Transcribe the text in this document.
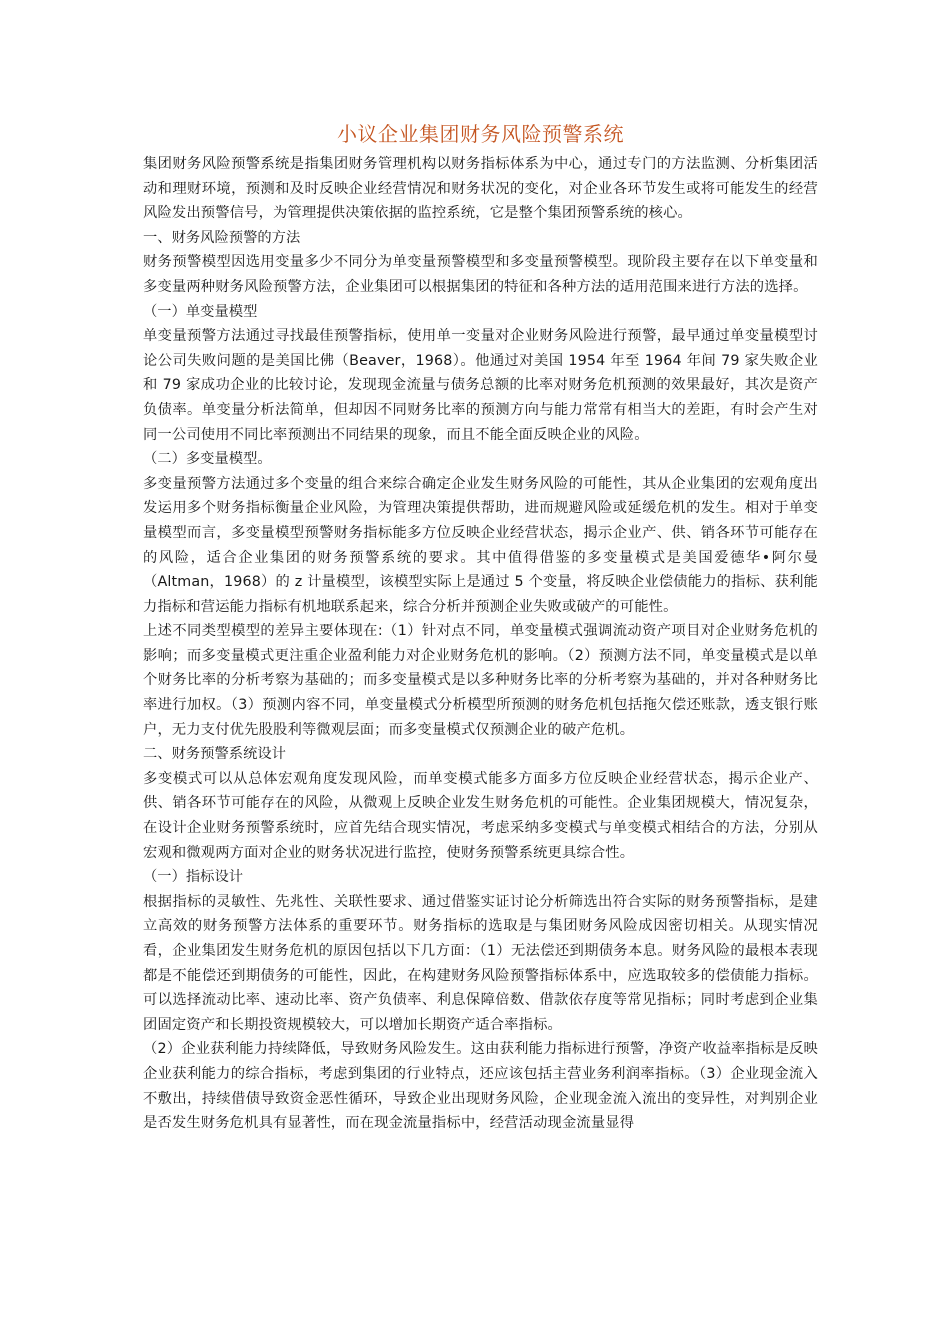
小议企业集团财务风险预警系统

集团财务风险预警系统是指集团财务管理机构以财务指标体系为中心，通过专门的方法监测、分析集团活动和理财环境，预测和及时反映企业经营情况和财务状况的变化，对企业各环节发生或将可能发生的经营风险发出预警信号，为管理提供决策依据的监控系统，它是整个集团预警系统的核心。

一、财务风险预警的方法

财务预警模型因选用变量多少不同分为单变量预警模型和多变量预警模型。现阶段主要存在以下单变量和多变量两种财务风险预警方法，企业集团可以根据集团的特征和各种方法的适用范围来进行方法的选择。

（一）单变量模型

单变量预警方法通过寻找最佳预警指标，使用单一变量对企业财务风险进行预警，最早通过单变量模型讨论公司失败问题的是美国比佛（Beaver，1968）。他通过对美国 1954 年至 1964 年间 79 家失败企业和 79 家成功企业的比较讨论，发现现金流量与债务总额的比率对财务危机预测的效果最好，其次是资产负债率。单变量分析法简单，但却因不同财务比率的预测方向与能力常常有相当大的差距，有时会产生对同一公司使用不同比率预测出不同结果的现象，而且不能全面反映企业的风险。

（二）多变量模型。

多变量预警方法通过多个变量的组合来综合确定企业发生财务风险的可能性，其从企业集团的宏观角度出发运用多个财务指标衡量企业风险，为管理决策提供帮助，进而规避风险或延缓危机的发生。相对于单变量模型而言，多变量模型预警财务指标能多方位反映企业经营状态，揭示企业产、供、销各环节可能存在的风险，适合企业集团的财务预警系统的要求。其中值得借鉴的多变量模式是美国爱德华•阿尔曼（Altman，1968）的 z 计量模型，该模型实际上是通过 5 个变量，将反映企业偿债能力的指标、获利能力指标和营运能力指标有机地联系起来，综合分析并预测企业失败或破产的可能性。

上述不同类型模型的差异主要体现在:（1）针对点不同，单变量模式强调流动资产项目对企业财务危机的影响；而多变量模式更注重企业盈利能力对企业财务危机的影响。（2）预测方法不同，单变量模式是以单个财务比率的分析考察为基础的；而多变量模式是以多种财务比率的分析考察为基础的，并对各种财务比率进行加权。（3）预测内容不同，单变量模式分析模型所预测的财务危机包括拖欠偿还账款，透支银行账户，无力支付优先股股利等微观层面；而多变量模式仅预测企业的破产危机。

二、财务预警系统设计

多变模式可以从总体宏观角度发现风险，而单变模式能多方面多方位反映企业经营状态，揭示企业产、供、销各环节可能存在的风险，从微观上反映企业发生财务危机的可能性。企业集团规模大，情况复杂，在设计企业财务预警系统时，应首先结合现实情况，考虑采纳多变模式与单变模式相结合的方法，分别从宏观和微观两方面对企业的财务状况进行监控，使财务预警系统更具综合性。

（一）指标设计

根据指标的灵敏性、先兆性、关联性要求、通过借鉴实证讨论分析筛选出符合实际的财务预警指标，是建立高效的财务预警方法体系的重要环节。财务指标的选取是与集团财务风险成因密切相关。从现实情况看，企业集团发生财务危机的原因包括以下几方面：（1）无法偿还到期债务本息。财务风险的最根本表现都是不能偿还到期债务的可能性，因此，在构建财务风险预警指标体系中，应选取较多的偿债能力指标。可以选择流动比率、速动比率、资产负债率、利息保障倍数、借款依存度等常见指标；同时考虑到企业集团固定资产和长期投资规模较大，可以增加长期资产适合率指标。

（2）企业获利能力持续降低，导致财务风险发生。这由获利能力指标进行预警，净资产收益率指标是反映企业获利能力的综合指标，考虑到集团的行业特点，还应该包括主营业务利润率指标。（3）企业现金流入不敷出，持续借债导致资金恶性循环，导致企业出现财务风险，企业现金流入流出的变异性，对判别企业是否发生财务危机具有显著性，而在现金流量指标中，经营活动现金流量显得
